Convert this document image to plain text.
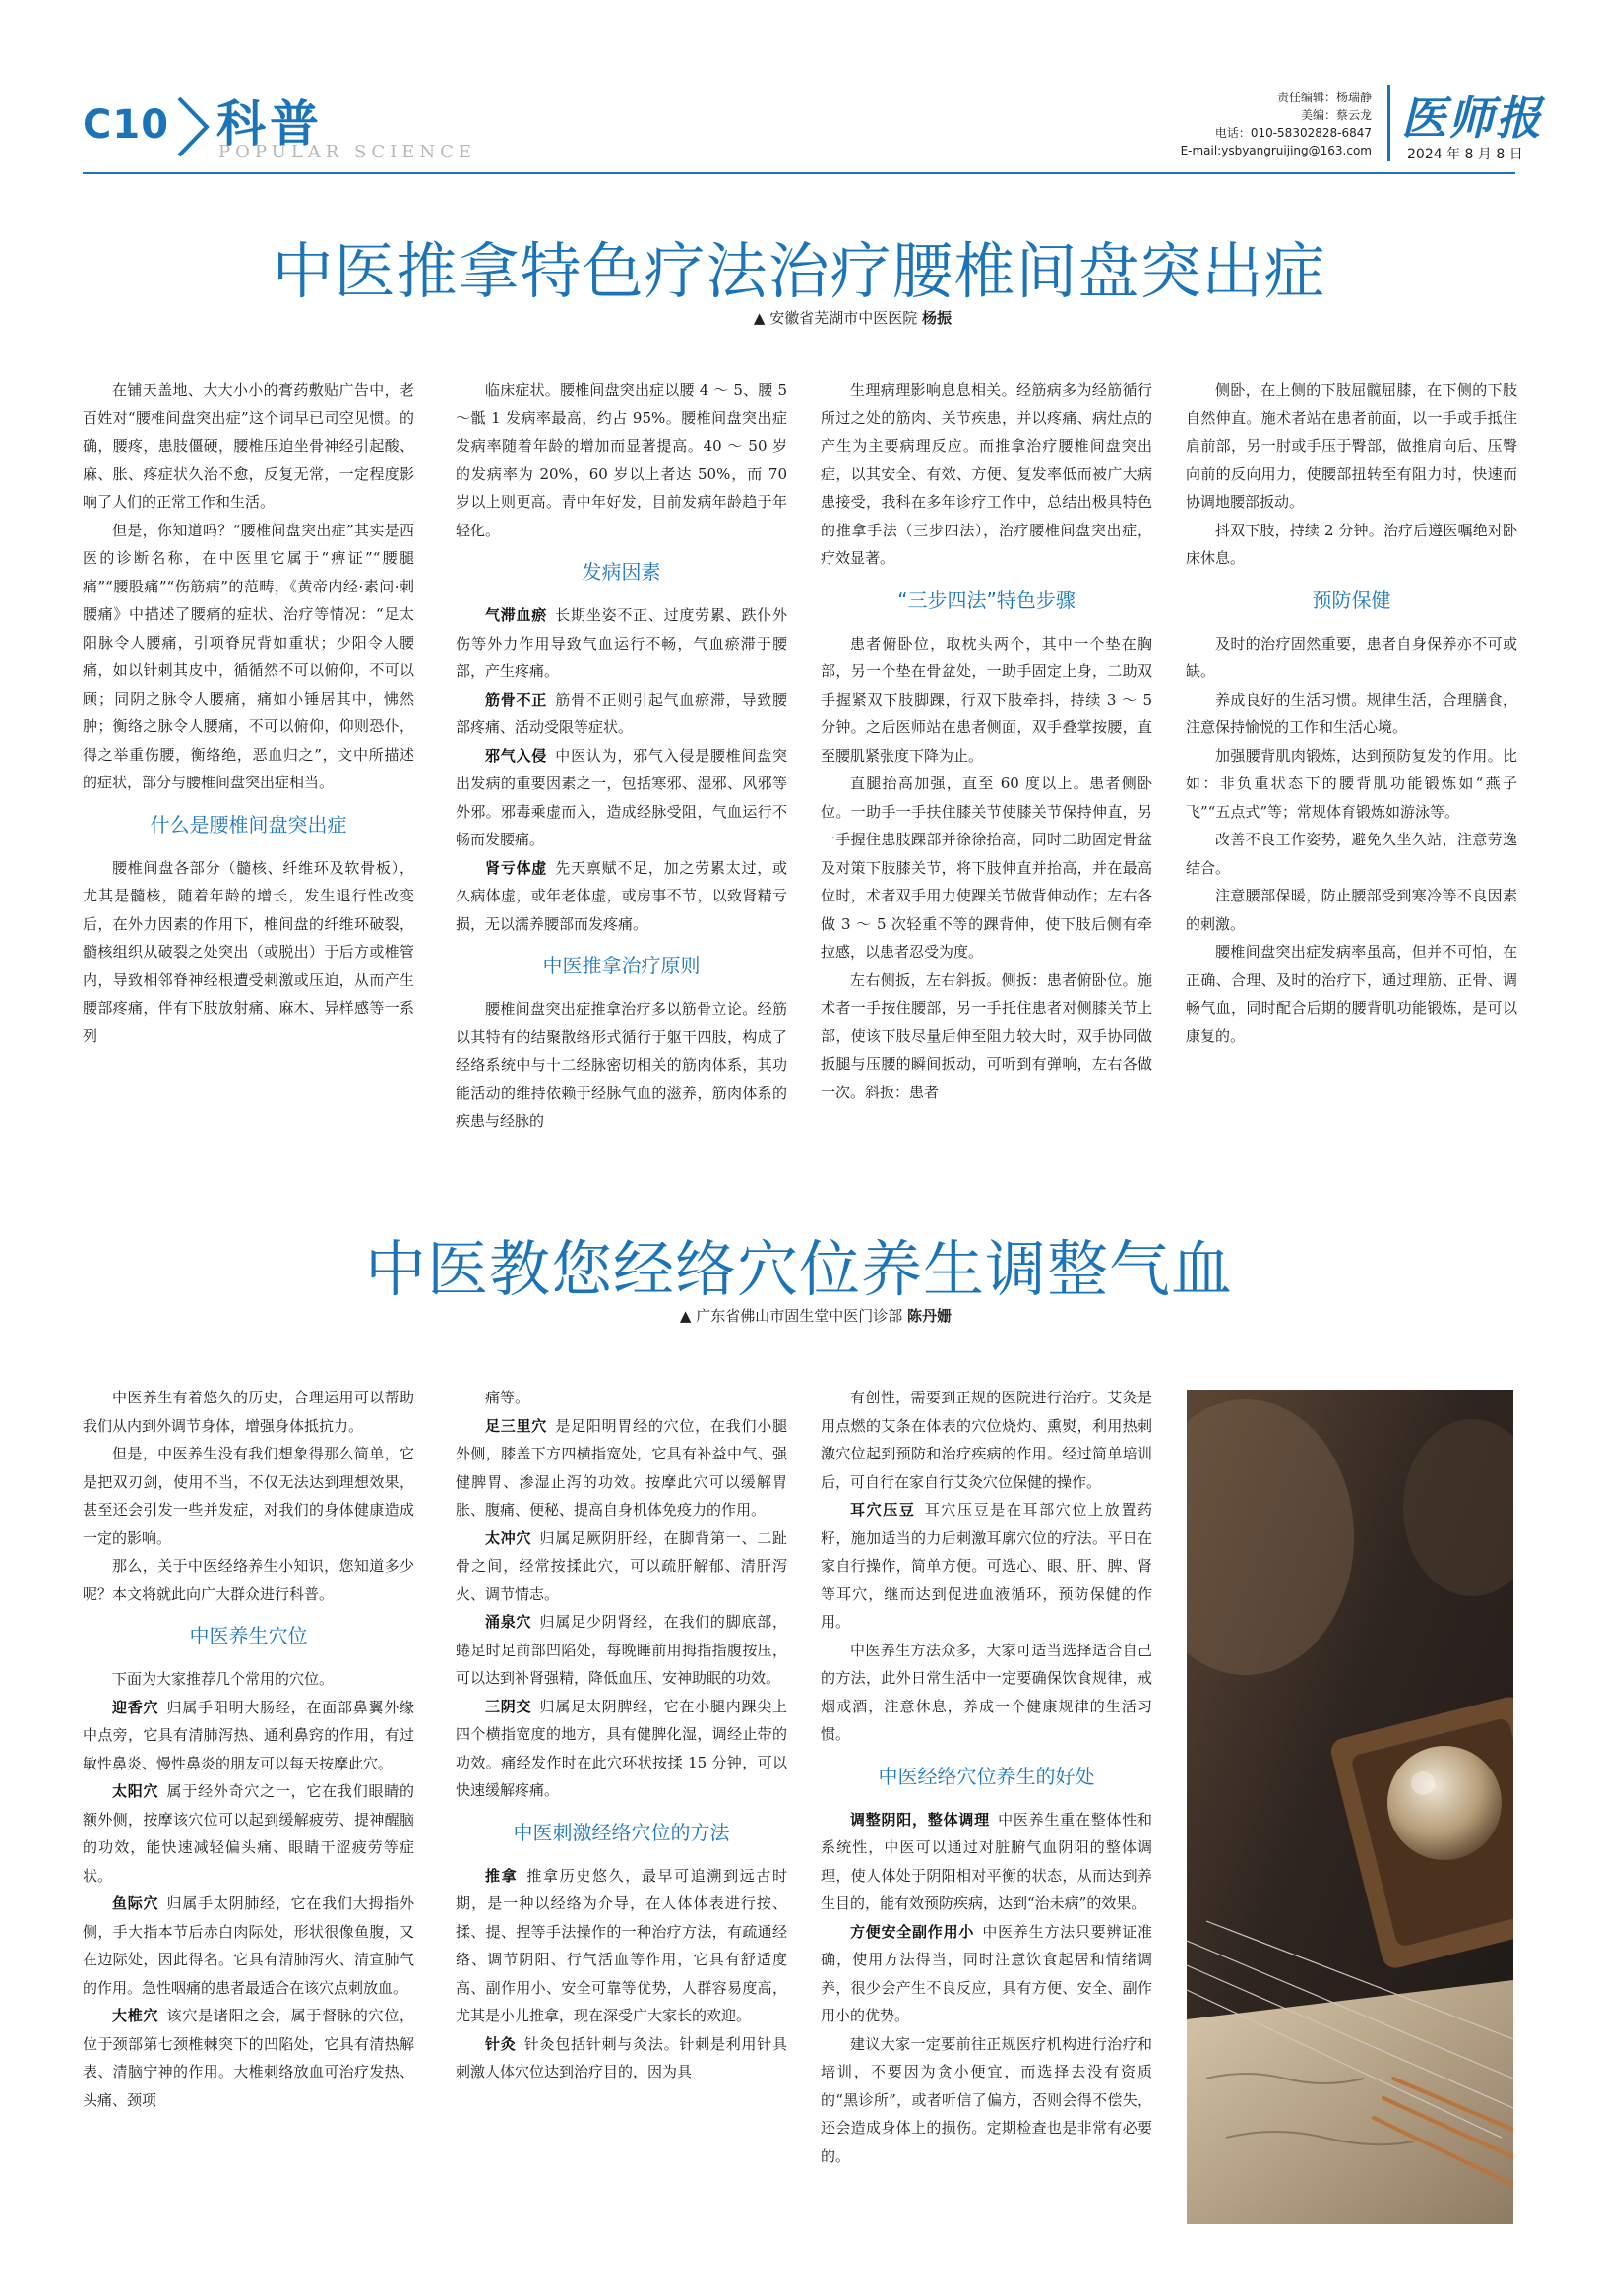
C10 科普
POPULAR SCIENCE
责任编辑：杨瑞静
美编：蔡云龙
电话：010-58302828-6847
E-mail:ysbyangruijing@163.com
医师报
2024 年 8 月 8 日
中医推拿特色疗法治疗腰椎间盘突出症
▲ 安徽省芜湖市中医医院 杨振

在铺天盖地、大大小小的膏药敷贴广告中，老百姓对“腰椎间盘突出症”这个词早已司空见惯。的确，腰疼，患肢僵硬，腰椎压迫坐骨神经引起酸、麻、胀、疼症状久治不愈，反复无常，一定程度影响了人们的正常工作和生活。

但是，你知道吗？“腰椎间盘突出症”其实是西医的诊断名称，在中医里它属于“痹证”“腰腿痛”“腰股痛”“伤筋病”的范畴，《黄帝内经·素问·刺腰痛》中描述了腰痛的症状、治疗等情况：“足太阳脉令人腰痛，引项脊尻背如重状；少阳令人腰痛，如以针刺其皮中，循循然不可以俯仰，不可以顾；同阴之脉令人腰痛，痛如小锤居其中，怫然肿；衡络之脉令人腰痛，不可以俯仰，仰则恐仆，得之举重伤腰，衡络绝，恶血归之”，文中所描述的症状，部分与腰椎间盘突出症相当。

什么是腰椎间盘突出症

腰椎间盘各部分（髓核、纤维环及软骨板），尤其是髓核，随着年龄的增长，发生退行性改变后，在外力因素的作用下，椎间盘的纤维环破裂，髓核组织从破裂之处突出（或脱出）于后方或椎管内，导致相邻脊神经根遭受刺激或压迫，从而产生腰部疼痛，伴有下肢放射痛、麻木、异样感等一系列

临床症状。腰椎间盘突出症以腰 4 ～ 5、腰 5 ～骶 1 发病率最高，约占 95%。腰椎间盘突出症发病率随着年龄的增加而显著提高。40 ～ 50 岁的发病率为 20%，60 岁以上者达 50%，而 70 岁以上则更高。青中年好发，目前发病年龄趋于年轻化。

发病因素

气滞血瘀  长期坐姿不正、过度劳累、跌仆外伤等外力作用导致气血运行不畅，气血瘀滞于腰部，产生疼痛。

筋骨不正  筋骨不正则引起气血瘀滞，导致腰部疼痛、活动受限等症状。

邪气入侵  中医认为，邪气入侵是腰椎间盘突出发病的重要因素之一，包括寒邪、湿邪、风邪等外邪。邪毒乘虚而入，造成经脉受阻，气血运行不畅而发腰痛。

肾亏体虚  先天禀赋不足，加之劳累太过，或久病体虚，或年老体虚，或房事不节，以致肾精亏损，无以濡养腰部而发疼痛。

中医推拿治疗原则

腰椎间盘突出症推拿治疗多以筋骨立论。经筋以其特有的结聚散络形式循行于躯干四肢，构成了经络系统中与十二经脉密切相关的筋肉体系，其功能活动的维持依赖于经脉气血的滋养，筋肉体系的疾患与经脉的

生理病理影响息息相关。经筋病多为经筋循行所过之处的筋肉、关节疾患，并以疼痛、病灶点的产生为主要病理反应。而推拿治疗腰椎间盘突出症，以其安全、有效、方便、复发率低而被广大病患接受，我科在多年诊疗工作中，总结出极具特色的推拿手法（三步四法），治疗腰椎间盘突出症，疗效显著。

“三步四法”特色步骤

患者俯卧位，取枕头两个，其中一个垫在胸部，另一个垫在骨盆处，一助手固定上身，二助双手握紧双下肢脚踝，行双下肢牵抖，持续 3 ～ 5 分钟。之后医师站在患者侧面，双手叠掌按腰，直至腰肌紧张度下降为止。

直腿抬高加强，直至 60 度以上。患者侧卧位。一助手一手扶住膝关节使膝关节保持伸直，另一手握住患肢踝部并徐徐抬高，同时二助固定骨盆及对策下肢膝关节，将下肢伸直并抬高，并在最高位时，术者双手用力使踝关节做背伸动作；左右各做 3 ～ 5 次轻重不等的踝背伸，使下肢后侧有牵拉感，以患者忍受为度。

左右侧扳，左右斜扳。侧扳：患者俯卧位。施术者一手按住腰部，另一手托住患者对侧膝关节上部，使该下肢尽量后伸至阻力较大时，双手协同做扳腿与压腰的瞬间扳动，可听到有弹响，左右各做一次。斜扳：患者

侧卧，在上侧的下肢屈髋屈膝，在下侧的下肢自然伸直。施术者站在患者前面，以一手或手抵住肩前部，另一肘或手压于臀部，做推肩向后、压臀向前的反向用力，使腰部扭转至有阻力时，快速而协调地腰部扳动。

抖双下肢，持续 2 分钟。治疗后遵医嘱绝对卧床休息。

预防保健

及时的治疗固然重要，患者自身保养亦不可或缺。

养成良好的生活习惯。规律生活，合理膳食，注意保持愉悦的工作和生活心境。

加强腰背肌肉锻炼，达到预防复发的作用。比如：非负重状态下的腰背肌功能锻炼如“燕子飞”“五点式”等；常规体育锻炼如游泳等。

改善不良工作姿势，避免久坐久站，注意劳逸结合。

注意腰部保暖，防止腰部受到寒冷等不良因素的刺激。

腰椎间盘突出症发病率虽高，但并不可怕，在正确、合理、及时的治疗下，通过理筋、正骨、调畅气血，同时配合后期的腰背肌功能锻炼，是可以康复的。

中医教您经络穴位养生调整气血
▲ 广东省佛山市固生堂中医门诊部 陈丹姗

中医养生有着悠久的历史，合理运用可以帮助我们从内到外调节身体，增强身体抵抗力。

但是，中医养生没有我们想象得那么简单，它是把双刃剑，使用不当，不仅无法达到理想效果，甚至还会引发一些并发症，对我们的身体健康造成一定的影响。

那么，关于中医经络养生小知识，您知道多少呢？本文将就此向广大群众进行科普。

中医养生穴位

下面为大家推荐几个常用的穴位。

迎香穴  归属手阳明大肠经，在面部鼻翼外缘中点旁，它具有清肺泻热、通利鼻窍的作用，有过敏性鼻炎、慢性鼻炎的朋友可以每天按摩此穴。

太阳穴  属于经外奇穴之一，它在我们眼睛的额外侧，按摩该穴位可以起到缓解疲劳、提神醒脑的功效，能快速减轻偏头痛、眼睛干涩疲劳等症状。

鱼际穴  归属手太阴肺经，它在我们大拇指外侧，手大指本节后赤白肉际处，形状很像鱼腹，又在边际处，因此得名。它具有清肺泻火、清宣肺气的作用。急性咽痛的患者最适合在该穴点刺放血。

大椎穴  该穴是诸阳之会，属于督脉的穴位，位于颈部第七颈椎棘突下的凹陷处，它具有清热解表、清脑宁神的作用。大椎刺络放血可治疗发热、头痛、颈项

痛等。

足三里穴  是足阳明胃经的穴位，在我们小腿外侧，膝盖下方四横指宽处，它具有补益中气、强健脾胃、渗湿止泻的功效。按摩此穴可以缓解胃胀、腹痛、便秘、提高自身机体免疫力的作用。

太冲穴  归属足厥阴肝经，在脚背第一、二趾骨之间，经常按揉此穴，可以疏肝解郁、清肝泻火、调节情志。

涌泉穴  归属足少阴肾经，在我们的脚底部，蜷足时足前部凹陷处，每晚睡前用拇指指腹按压，可以达到补肾强精，降低血压、安神助眠的功效。

三阴交  归属足太阴脾经，它在小腿内踝尖上四个横指宽度的地方，具有健脾化湿，调经止带的功效。痛经发作时在此穴环状按揉 15 分钟，可以快速缓解疼痛。

中医刺激经络穴位的方法

推拿  推拿历史悠久，最早可追溯到远古时期，是一种以经络为介导，在人体体表进行按、揉、提、捏等手法操作的一种治疗方法，有疏通经络、调节阴阳、行气活血等作用，它具有舒适度高、副作用小、安全可靠等优势，人群容易度高，尤其是小儿推拿，现在深受广大家长的欢迎。

针灸  针灸包括针刺与灸法。针刺是利用针具刺激人体穴位达到治疗目的，因为具

有创性，需要到正规的医院进行治疗。艾灸是用点燃的艾条在体表的穴位烧灼、熏熨，利用热刺激穴位起到预防和治疗疾病的作用。经过简单培训后，可自行在家自行艾灸穴位保健的操作。

耳穴压豆  耳穴压豆是在耳部穴位上放置药籽，施加适当的力后刺激耳廓穴位的疗法。平日在家自行操作，简单方便。可选心、眼、肝、脾、肾等耳穴，继而达到促进血液循环，预防保健的作用。

中医养生方法众多，大家可适当选择适合自己的方法，此外日常生活中一定要确保饮食规律，戒烟戒酒，注意休息，养成一个健康规律的生活习惯。

中医经络穴位养生的好处

调整阴阳，整体调理  中医养生重在整体性和系统性，中医可以通过对脏腑气血阴阳的整体调理，使人体处于阴阳相对平衡的状态，从而达到养生目的，能有效预防疾病，达到“治未病”的效果。

方便安全副作用小  中医养生方法只要辨证准确，使用方法得当，同时注意饮食起居和情绪调养，很少会产生不良反应，具有方便、安全、副作用小的优势。

建议大家一定要前往正规医疗机构进行治疗和培训，不要因为贪小便宜，而选择去没有资质的“黑诊所”，或者听信了偏方，否则会得不偿失，还会造成身体上的损伤。定期检查也是非常有必要的。
